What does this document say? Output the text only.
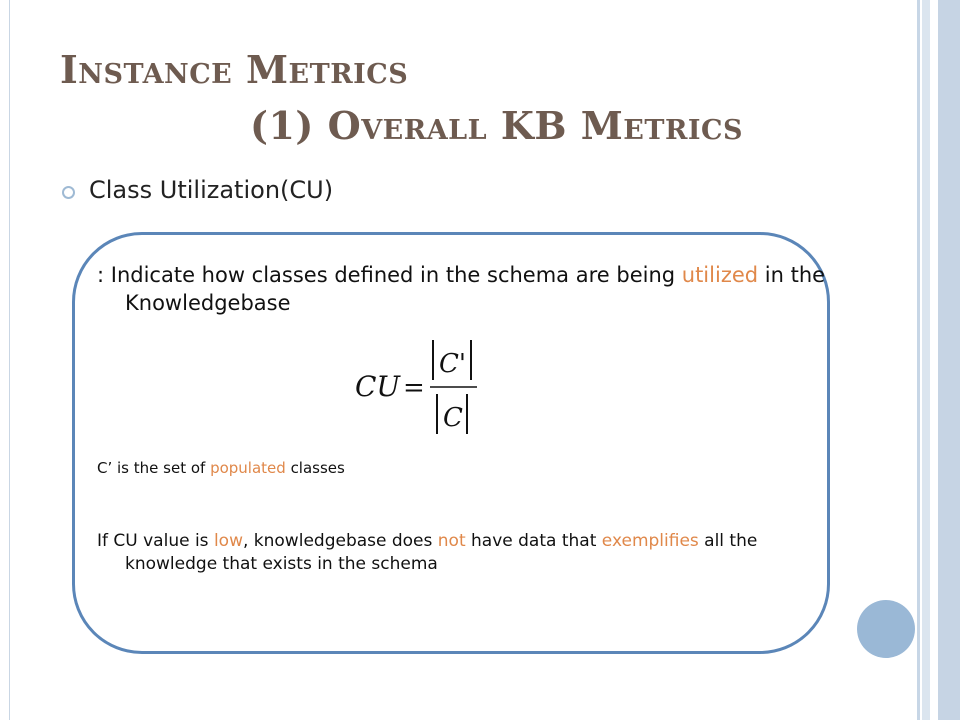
Instance Metrics
(1) Overall KB Metrics
Class Utilization(CU)

: Indicate how classes defined in the schema are being utilized in the Knowledgebase

CU =
C'
C

C’ is the set of populated classes

If CU value is low, knowledgebase does not have data that exemplifies all the knowledge that exists in the schema
